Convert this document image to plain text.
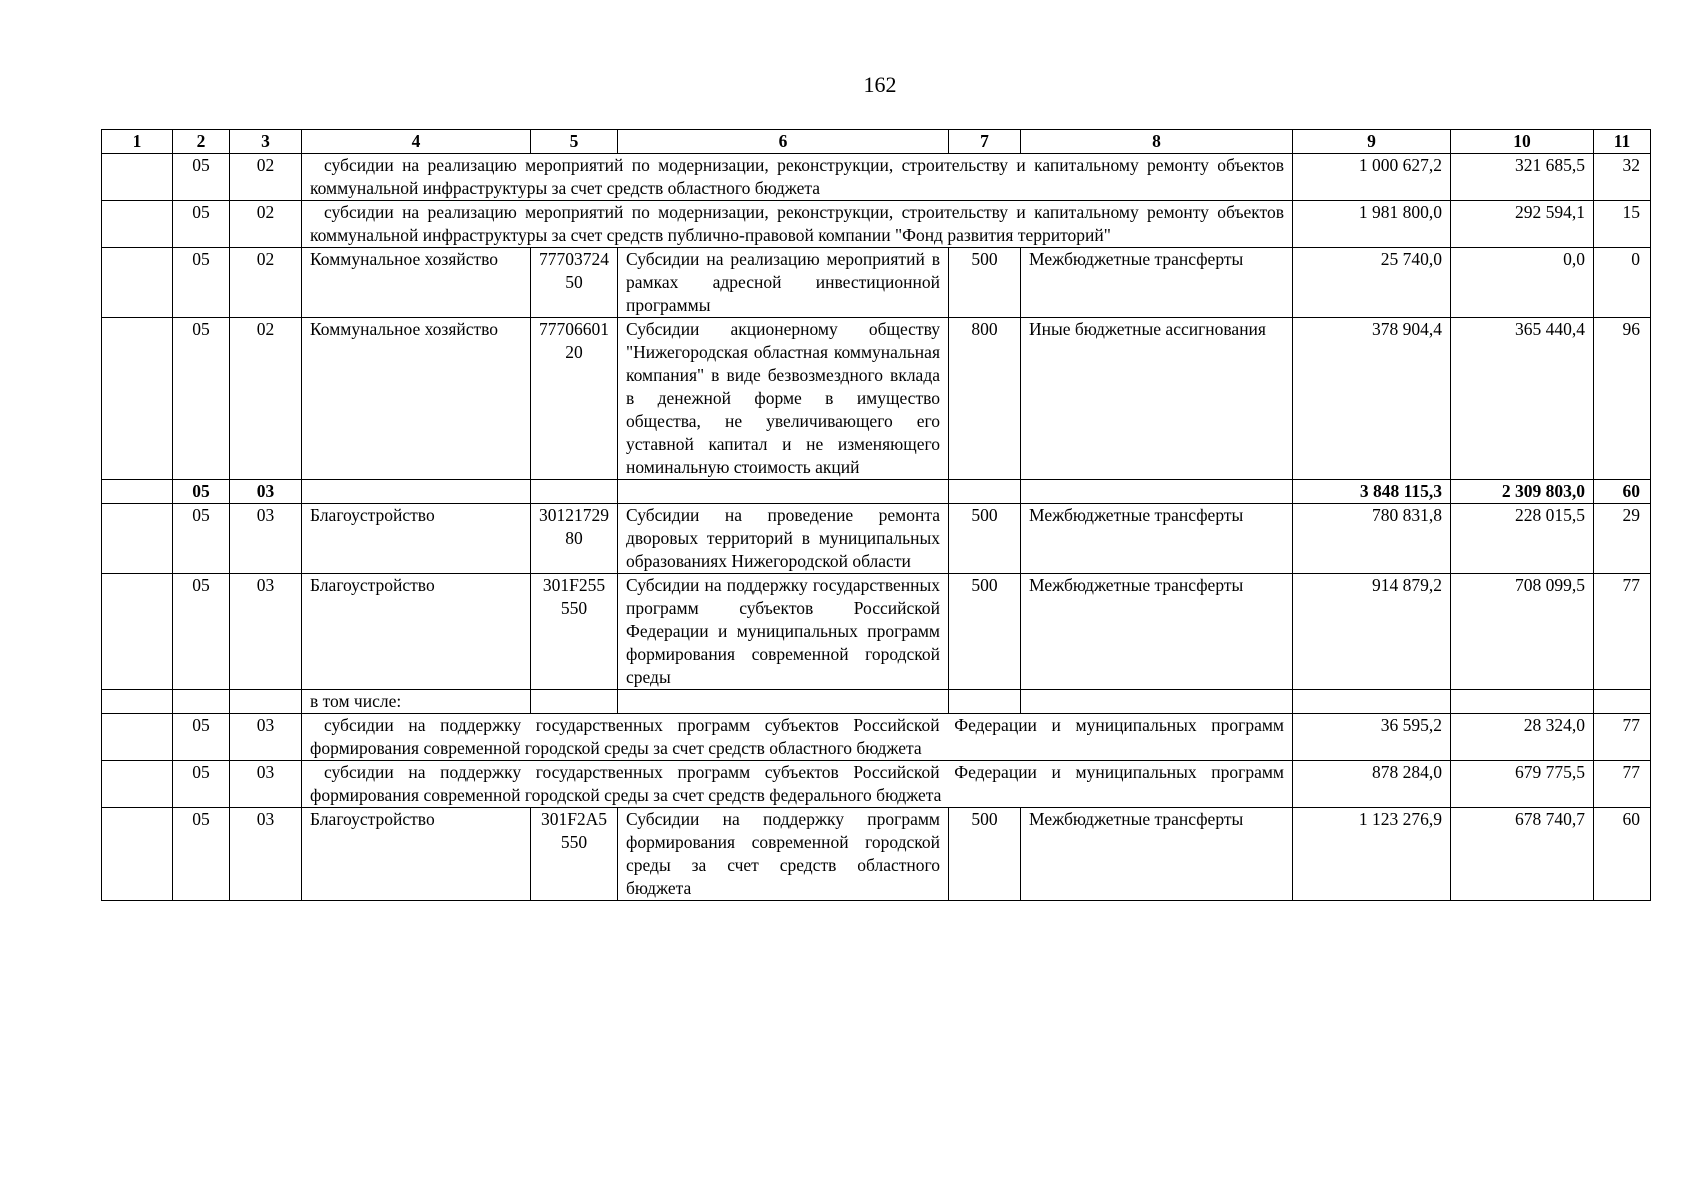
162
1	2	3	4	5	6	7	8	9	10	11
	05	02	субсидии на реализацию мероприятий по модернизации, реконструкции, строительству и капитальному ремонту объектов коммунальной инфраструктуры за счет средств областного бюджета					1 000 627,2	321 685,5	32
	05	02	субсидии на реализацию мероприятий по модернизации, реконструкции, строительству и капитальному ремонту объектов коммунальной инфраструктуры за счет средств публично-правовой компании "Фонд развития территорий"					1 981 800,0	292 594,1	15
	05	02	Коммунальное хозяйство	7770372450	Субсидии на реализацию мероприятий в рамках адресной инвестиционной программы	500	Межбюджетные трансферты	25 740,0	0,0	0
	05	02	Коммунальное хозяйство	7770660120	Субсидии акционерному обществу "Нижегородская областная коммунальная компания" в виде безвозмездного вклада в денежной форме в имущество общества, не увеличивающего его уставной капитал и не изменяющего номинальную стоимость акций	800	Иные бюджетные ассигнования	378 904,4	365 440,4	96
	05	03						3 848 115,3	2 309 803,0	60
	05	03	Благоустройство	3012172980	Субсидии на проведение ремонта дворовых территорий в муниципальных образованиях Нижегородской области	500	Межбюджетные трансферты	780 831,8	228 015,5	29
	05	03	Благоустройство	301F255550	Субсидии на поддержку государственных программ субъектов Российской Федерации и муниципальных программ формирования современной городской среды	500	Межбюджетные трансферты	914 879,2	708 099,5	77
			в том числе:							
	05	03	субсидии на поддержку государственных программ субъектов Российской Федерации и муниципальных программ формирования современной городской среды за счет средств областного бюджета					36 595,2	28 324,0	77
	05	03	субсидии на поддержку государственных программ субъектов Российской Федерации и муниципальных программ формирования современной городской среды за счет средств федерального бюджета					878 284,0	679 775,5	77
	05	03	Благоустройство	301F2A5550	Субсидии на поддержку программ формирования современной городской среды за счет средств областного бюджета	500	Межбюджетные трансферты	1 123 276,9	678 740,7	60
